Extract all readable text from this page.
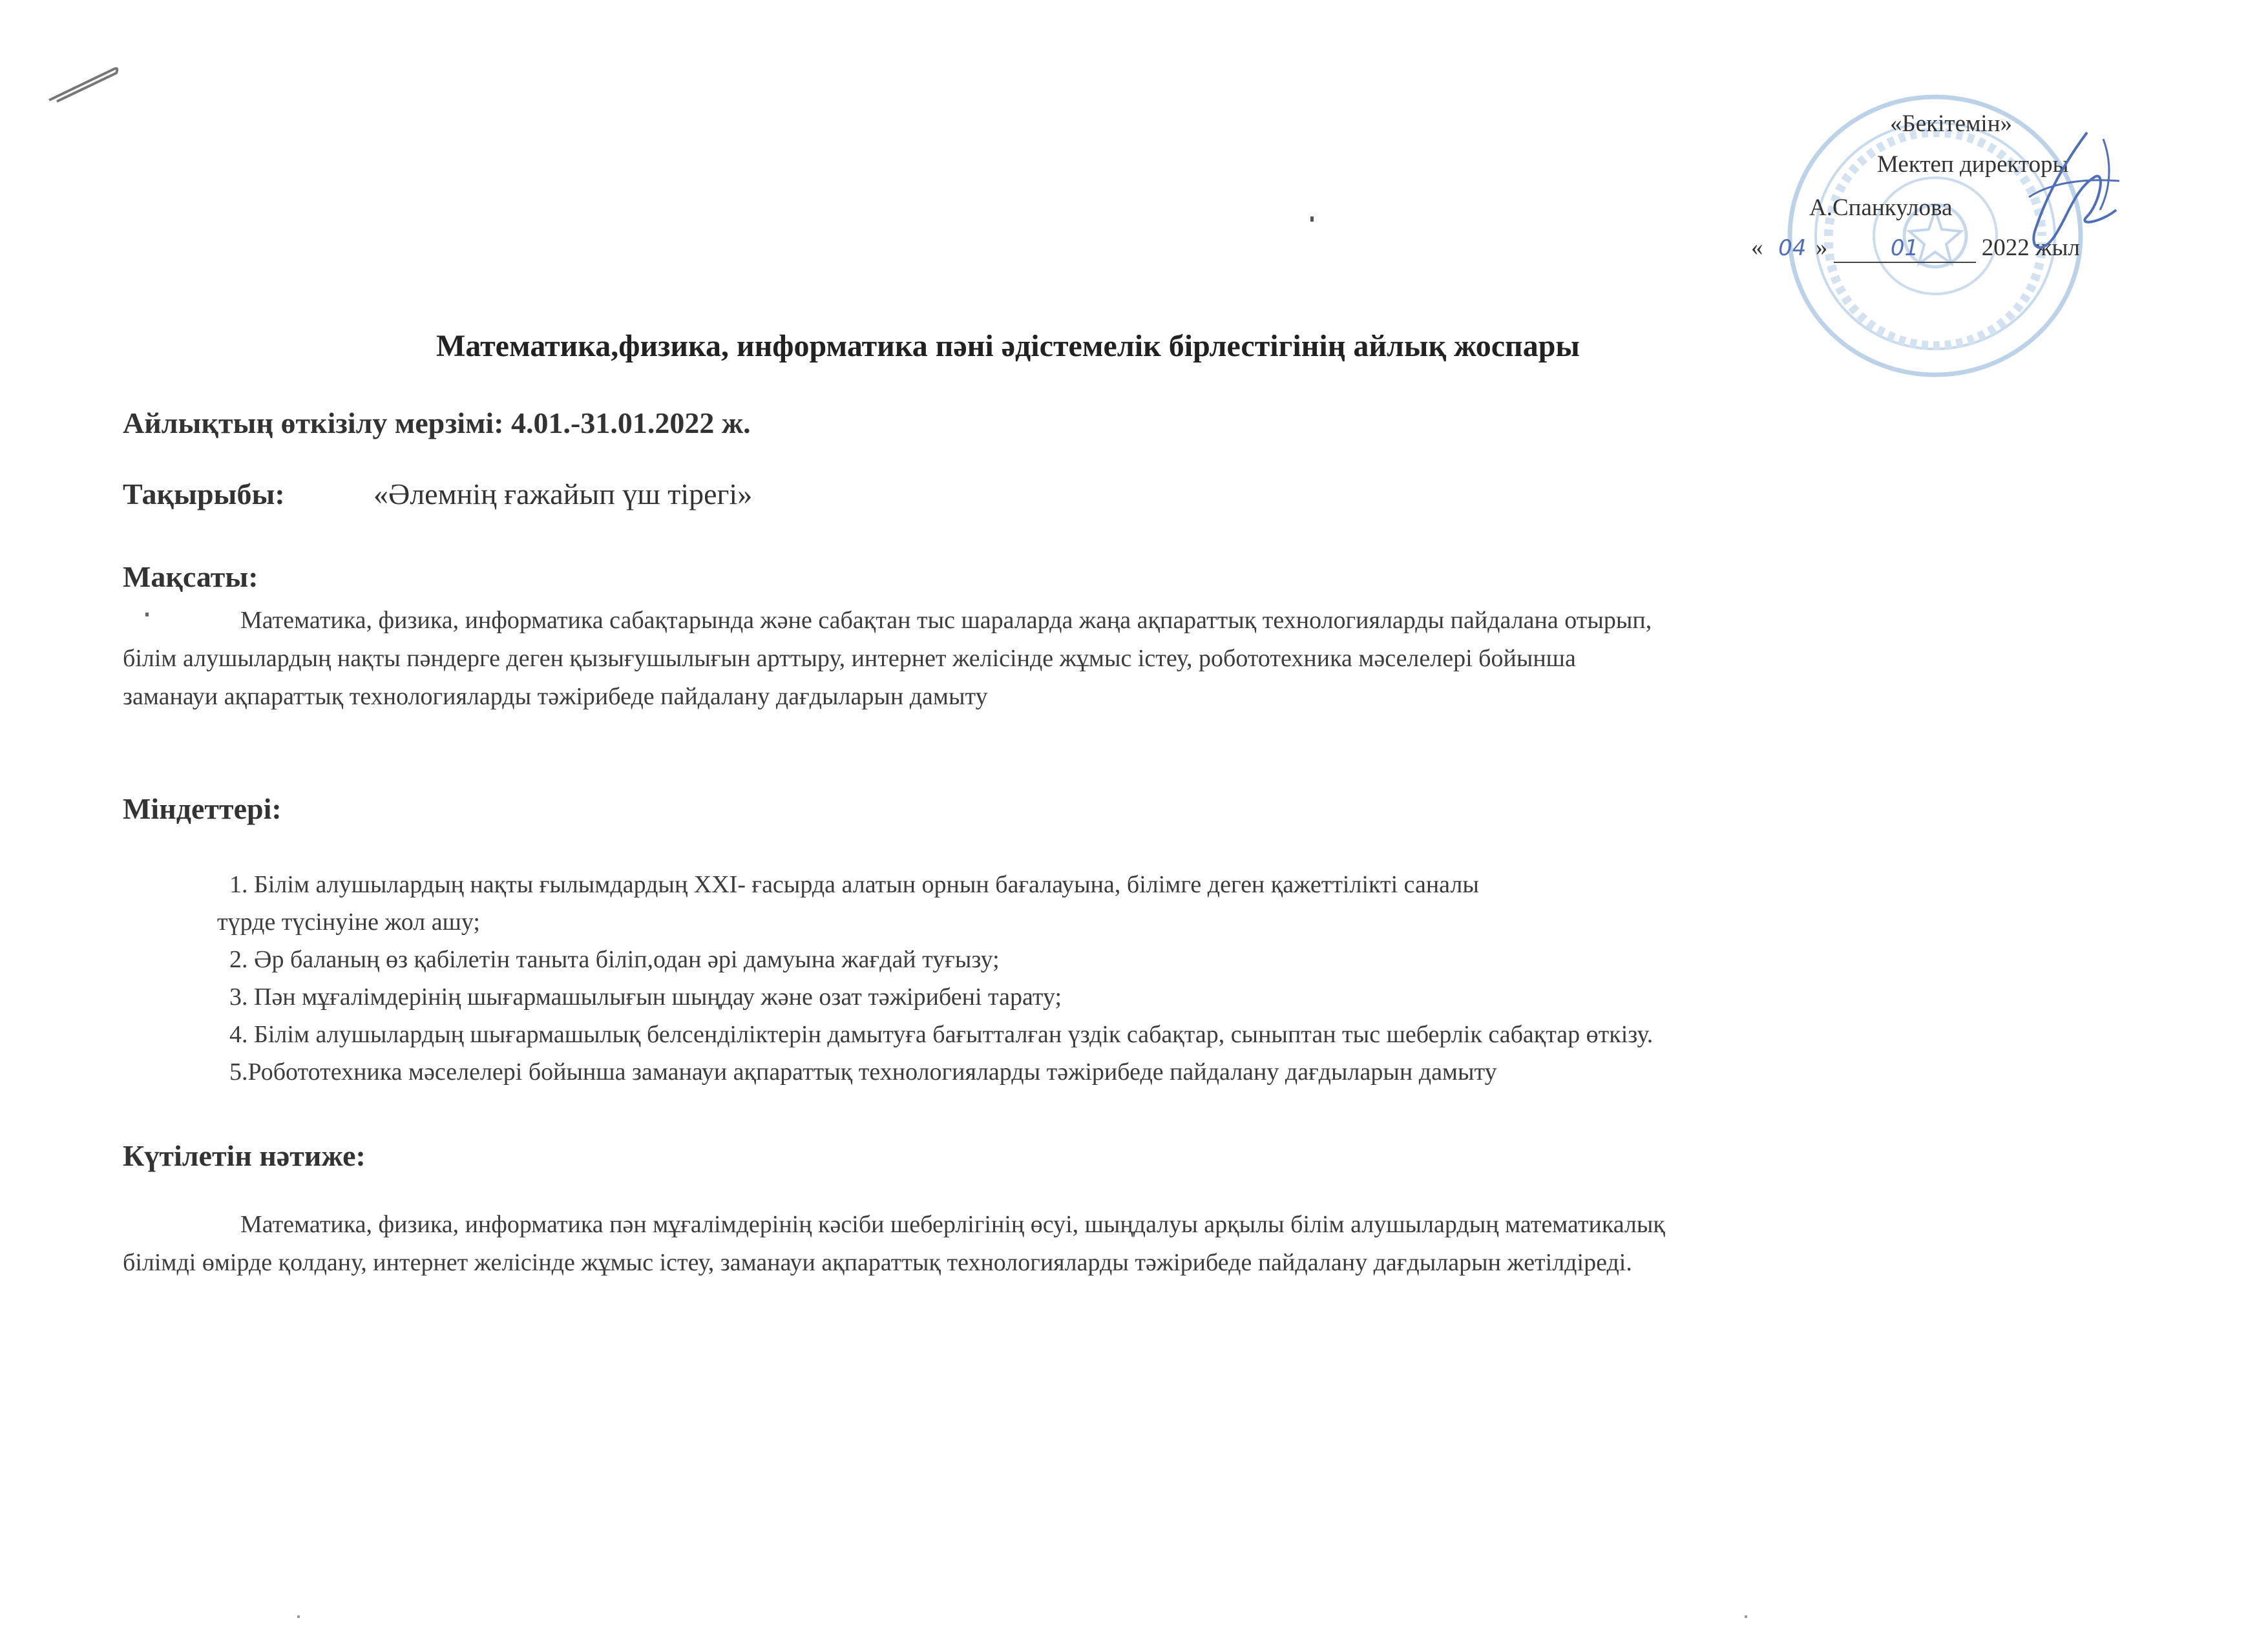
«Бекітемін»
Мектеп директоры
А.Спанкулова
« 04 »	01	2022 жыл
Математика,физика, информатика пәні әдістемелік бірлестігінің айлық жоспары
Айлықтың өткізілу мерзімі: 4.01.-31.01.2022 ж.
Тақырыбы:	«Әлемнің ғажайып үш тірегі»
Мақсаты:
Математика, физика, информатика сабақтарында және сабақтан тыс шараларда жаңа ақпараттық технологияларды пайдалана отырып,
білім алушылардың нақты пәндерге деген қызығушылығын арттыру, интернет желісінде жұмыс істеу, робототехника мәселелері бойынша
заманауи ақпараттық технологияларды тәжірибеде пайдалану дағдыларын дамыту
Міндеттері:
1. Білім алушылардың нақты ғылымдардың XXI- ғасырда алатын орнын бағалауына, білімге деген қажеттілікті саналы
түрде түсінуіне жол ашу;
2. Әр баланың өз қабілетін таныта біліп,одан әрі дамуына жағдай туғызу;
3. Пән мұғалімдерінің шығармашылығын шыңдау және озат тәжірибені тарату;
4. Білім алушылардың шығармашылық белсенділіктерін дамытуға бағытталған үздік сабақтар, сыныптан тыс шеберлік сабақтар өткізу.
5.Робототехника мәселелері бойынша заманауи ақпараттық технологияларды тәжірибеде пайдалану дағдыларын дамыту
Күтілетін нәтиже:
Математика, физика, информатика пән мұғалімдерінің кәсіби шеберлігінің өсуі, шыңдалуы арқылы білім алушылардың математикалық
білімді өмірде қолдану, интернет желісінде жұмыс істеу, заманауи ақпараттық технологияларды тәжірибеде пайдалану дағдыларын жетілдіреді.
